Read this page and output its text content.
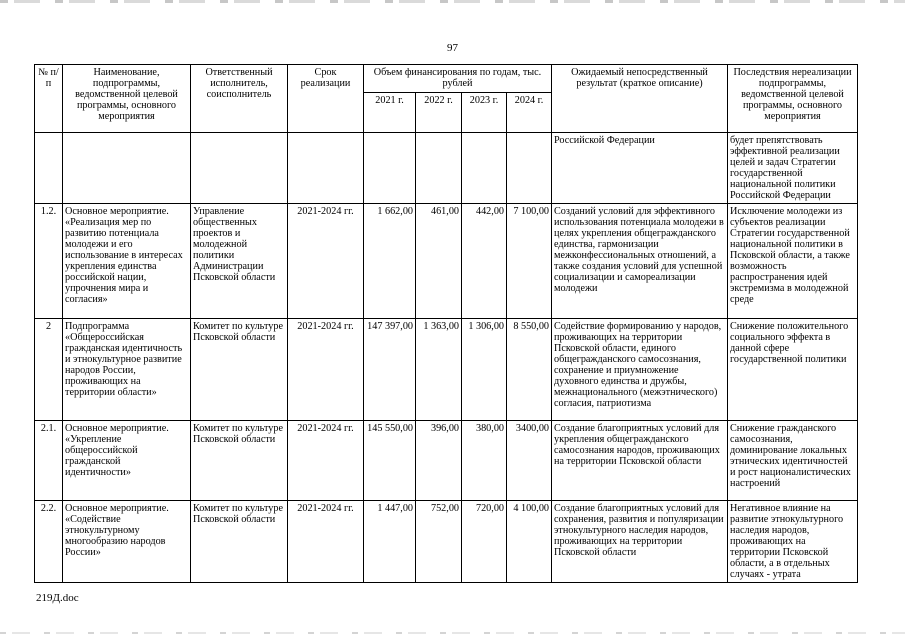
97
№ п/п	Наименование, подпрограммы, ведомственной целевой программы, основного мероприятия	Ответственный исполнитель, соисполнитель	Срок реализации	Объем финансирования по годам, тыс. рублей				Ожидаемый непосредственный результат (краткое описание)	Последствия нереализации подпрограммы, ведомственной целевой программы, основного мероприятия
				2021 г.	2022 г.	2023 г.	2024 г.		
								Российской Федерации	будет препятствовать эффективной реализации целей и задач Стратегии государственной национальной политики Российской Федерации
1.2.	Основное мероприятие. «Реализация мер по развитию потенциала молодежи и его использование в интересах укрепления единства российской нации, упрочнения мира и согласия»	Управление общественных проектов и молодежной политики Администрации Псковской области	2021-2024 гг.	1 662,00	461,00	442,00	7 100,00	Созданий условий для эффективного использования потенциала молодежи в целях укрепления общегражданского единства, гармонизации межконфессиональных отношений, а также создания условий для успешной социализации и самореализации молодежи	Исключение молодежи из субъектов реализации Стратегии государственной национальной политики в Псковской области, а также возможность распространения идей экстремизма в молодежной среде
2	Подпрограмма «Общероссийская гражданская идентичность и этнокультурное развитие народов России, проживающих на территории области»	Комитет по культуре Псковской области	2021-2024 гг.	147 397,00	1 363,00	1 306,00	8 550,00	Содействие формированию у народов, проживающих на территории Псковской области, единого общегражданского самосознания, сохранение и приумножение духовного единства и дружбы, межнационального (межэтнического) согласия, патриотизма	Снижение положительного социального эффекта в данной сфере государственной политики
2.1.	Основное мероприятие. «Укрепление общероссийской гражданской идентичности»	Комитет по культуре Псковской области	2021-2024 гг.	145 550,00	396,00	380,00	3400,00	Создание благоприятных условий для укрепления общегражданского самосознания народов, проживающих на территории Псковской области	Снижение гражданского самосознания, доминирование локальных этнических идентичностей и рост националистических настроений
2.2.	Основное мероприятие. «Содействие этнокультурному многообразию народов России»	Комитет по культуре Псковской области	2021-2024 гг.	1 447,00	752,00	720,00	4 100,00	Создание благоприятных условий для сохранения, развития и популяризации этнокультурного наследия народов, проживающих на территории Псковской области	Негативное влияние на развитие этнокультурного наследия народов, проживающих на территории Псковской области, а в отдельных случаях - утрата
219Д.doc
